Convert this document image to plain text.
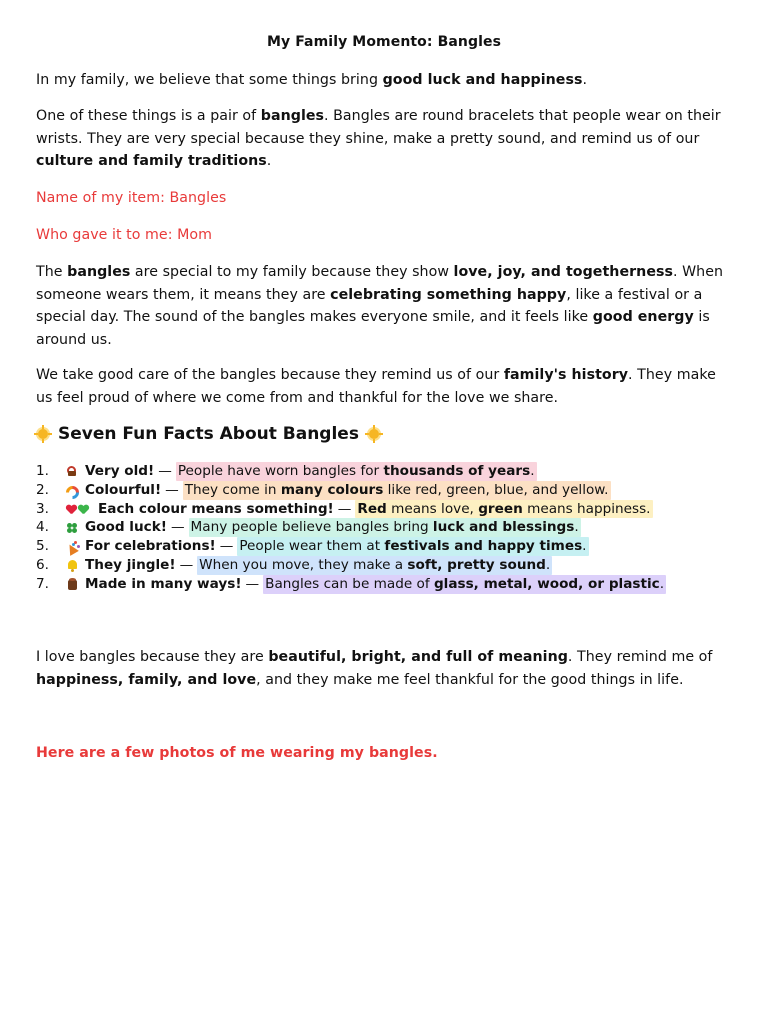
My Family Momento: Bangles
In my family, we believe that some things bring good luck and happiness.
One of these things is a pair of bangles. Bangles are round bracelets that people wear on their wrists. They are very special because they shine, make a pretty sound, and remind us of our culture and family traditions.
Name of my item: Bangles
Who gave it to me: Mom
The bangles are special to my family because they show love, joy, and togetherness. When someone wears them, it means they are celebrating something happy, like a festival or a special day. The sound of the bangles makes everyone smile, and it feels like good energy is around us.
We take good care of the bangles because they remind us of our family's history. They make us feel proud of where we come from and thankful for the love we share.
Seven Fun Facts About Bangles
1.	Very old! — People have worn bangles for thousands of years.
2.	Colourful! — They come in many colours like red, green, blue, and yellow.
3.	Each colour means something! — Red means love, green means happiness.
4.	Good luck! — Many people believe bangles bring luck and blessings.
5.	For celebrations! — People wear them at festivals and happy times.
6.	They jingle! — When you move, they make a soft, pretty sound.
7.	Made in many ways! — Bangles can be made of glass, metal, wood, or plastic.
I love bangles because they are beautiful, bright, and full of meaning. They remind me of happiness, family, and love, and they make me feel thankful for the good things in life.
Here are a few photos of me wearing my bangles.
